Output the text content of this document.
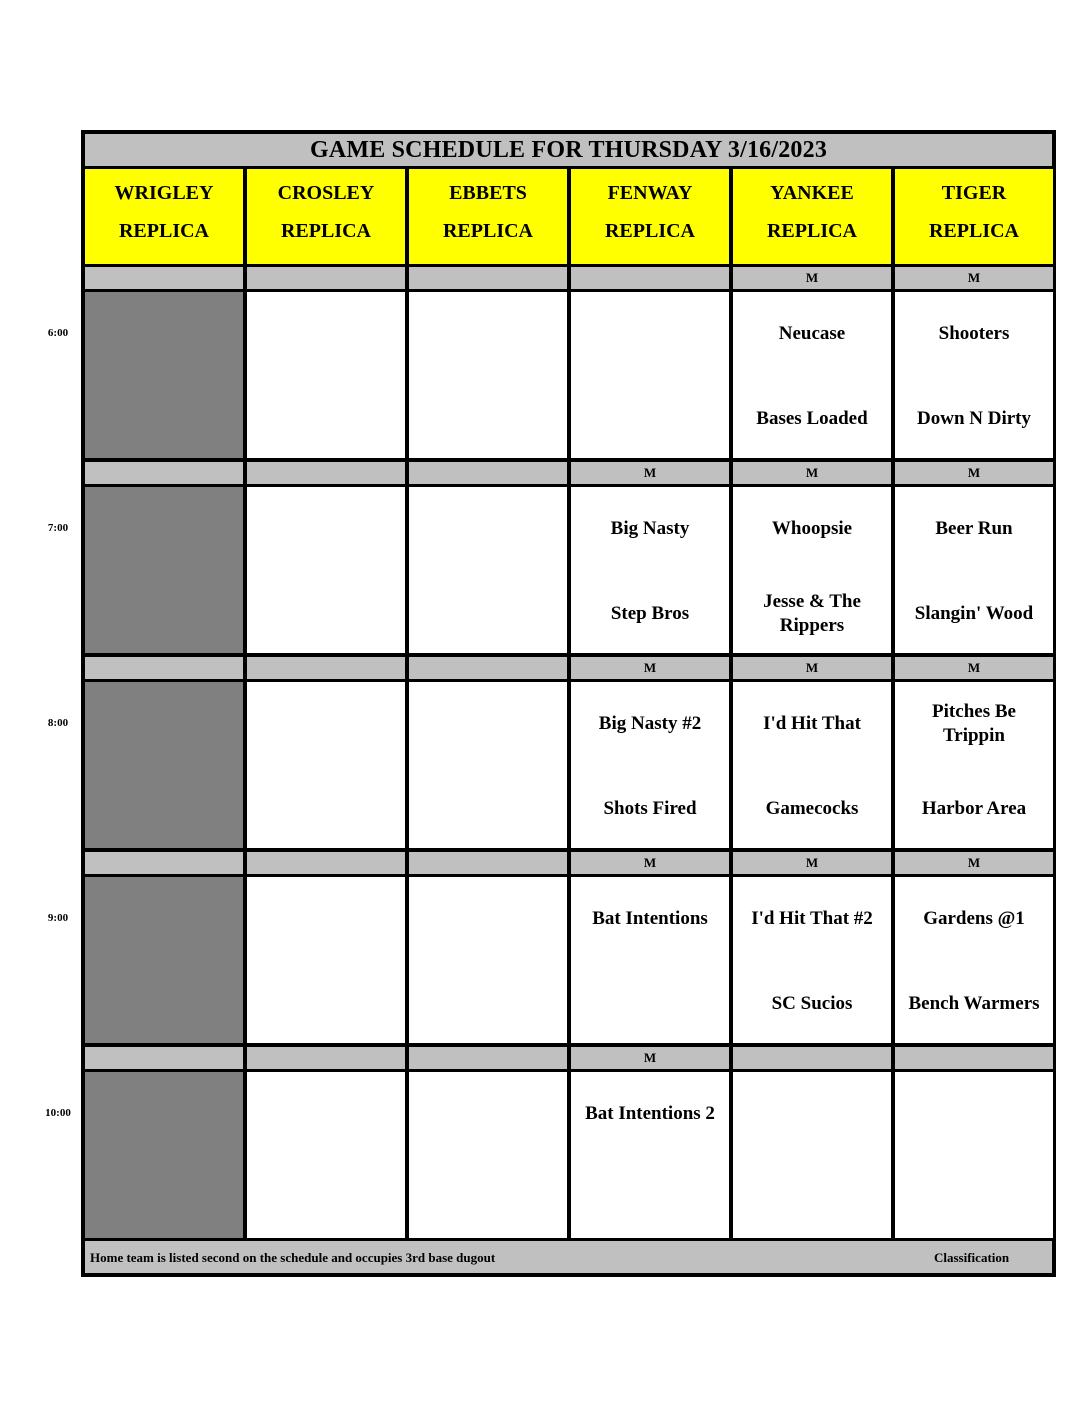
GAME SCHEDULE FOR THURSDAY 3/16/2023
WRIGLEY
REPLICA
CROSLEY
REPLICA
EBBETS
REPLICA
FENWAY
REPLICA
YANKEE
REPLICA
TIGER
REPLICA
M
Neucase
Bases Loaded
M
Shooters
Down N Dirty
M
Big Nasty
Step Bros
M
Whoopsie
Jesse & The Rippers
M
Beer Run
Slangin' Wood
M
Big Nasty #2
Shots Fired
M
I'd Hit That
Gamecocks
M
Pitches Be Trippin
Harbor Area
M
Bat Intentions
M
I'd Hit That #2
SC Sucios
M
Gardens @1
Bench Warmers
M
Bat Intentions 2
Home team is listed second on the schedule and occupies 3rd base dugout	Classification
6:00
7:00
8:00
9:00
10:00
